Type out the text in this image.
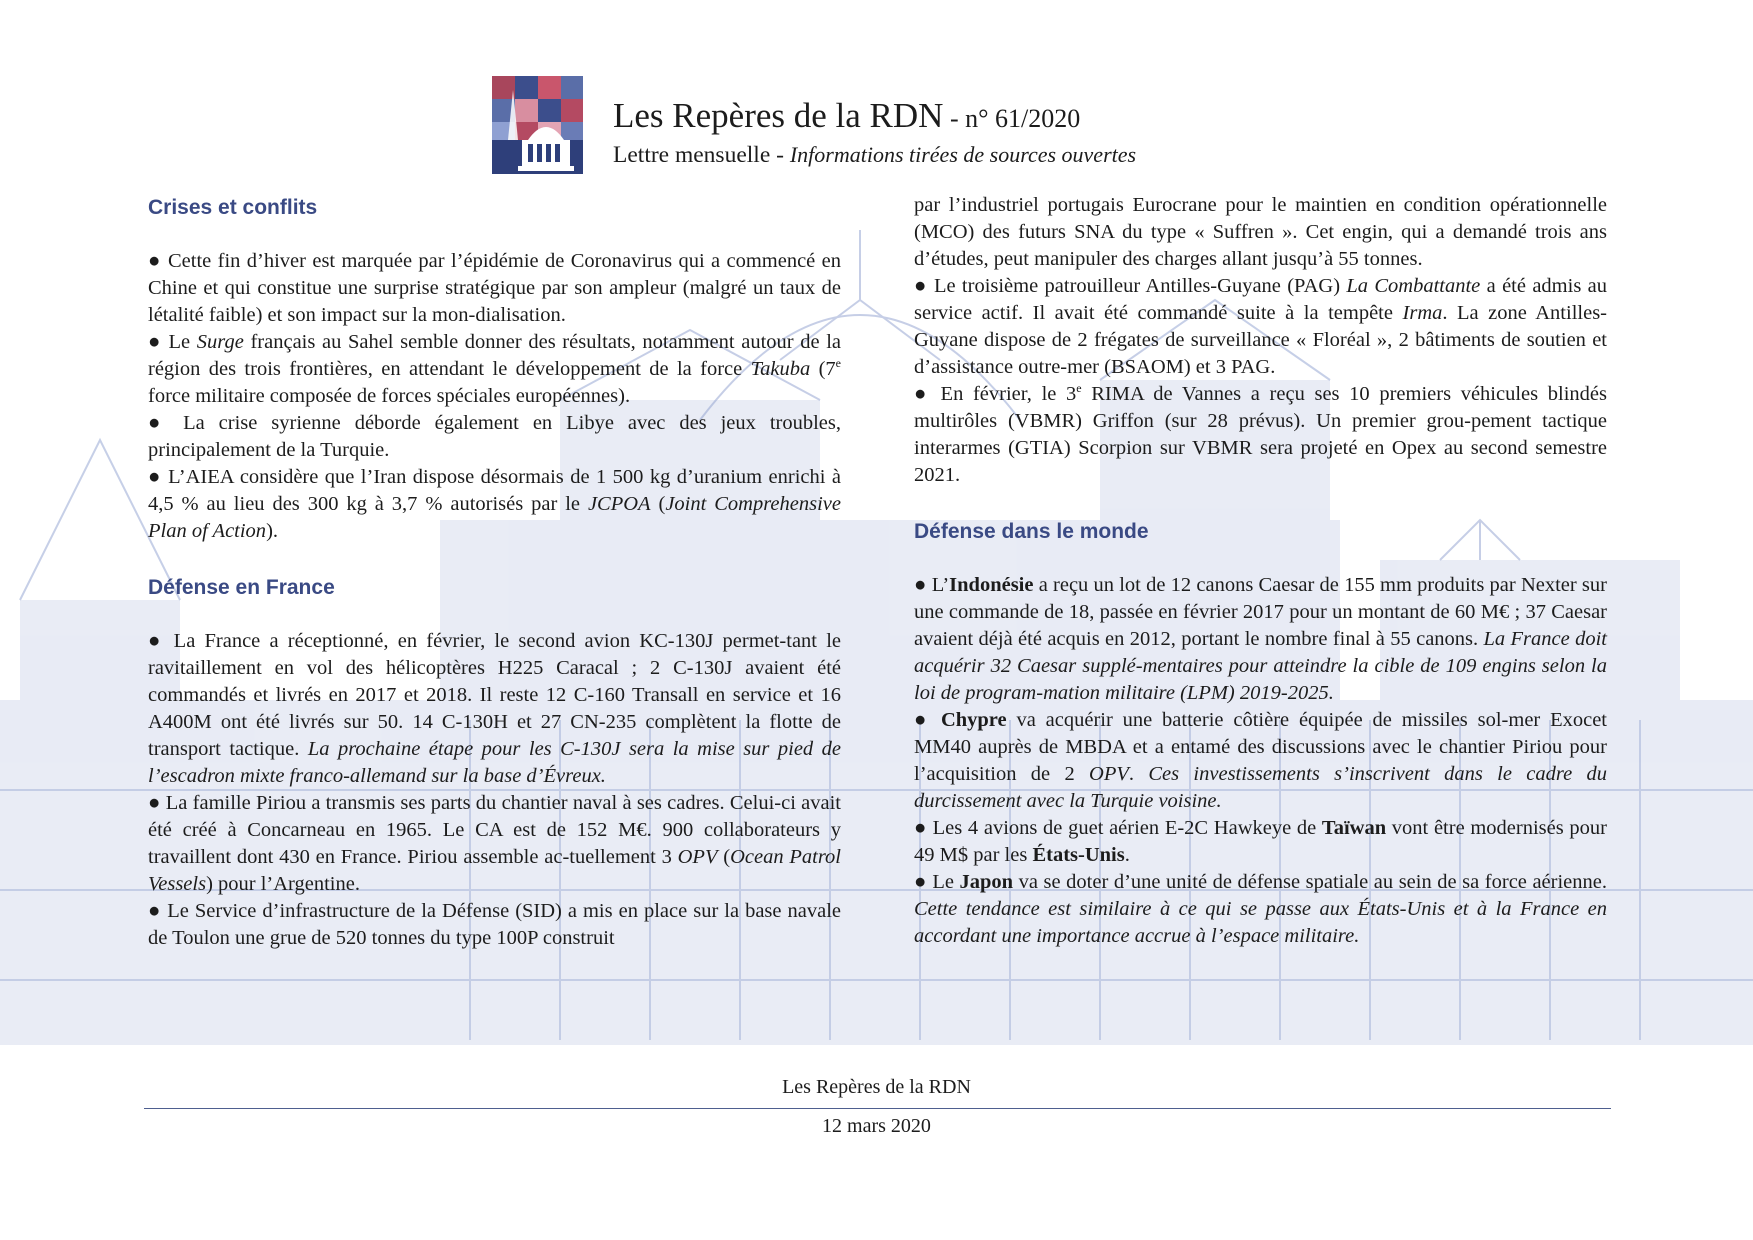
Les Repères de la RDN - n° 61/2020
Lettre mensuelle - Informations tirées de sources ouvertes
Crises et conflits

● Cette fin d’hiver est marquée par l’épidémie de Coronavirus qui a commencé en Chine et qui constitue une surprise stratégique par son ampleur (malgré un taux de létalité faible) et son impact sur la mon-dialisation.

● Le Surge français au Sahel semble donner des résultats, notamment autour de la région des trois frontières, en attendant le développement de la force Takuba (7e force militaire composée de forces spéciales européennes).

● La crise syrienne déborde également en Libye avec des jeux troubles, principalement de la Turquie.

● L’AIEA considère que l’Iran dispose désormais de 1 500 kg d’uranium enrichi à 4,5 % au lieu des 300 kg à 3,7 % autorisés par le JCPOA (Joint Comprehensive Plan of Action).

Défense en France

● La France a réceptionné, en février, le second avion KC-130J permet-tant le ravitaillement en vol des hélicoptères H225 Caracal ; 2 C-130J avaient été commandés et livrés en 2017 et 2018. Il reste 12 C-160 Transall en service et 16 A400M ont été livrés sur 50. 14 C-130H et 27 CN-235 complètent la flotte de transport tactique. La prochaine étape pour les C-130J sera la mise sur pied de l’escadron mixte franco-allemand sur la base d’Évreux.

● La famille Piriou a transmis ses parts du chantier naval à ses cadres. Celui-ci avait été créé à Concarneau en 1965. Le CA est de 152 M€. 900 collaborateurs y travaillent dont 430 en France. Piriou assemble ac-tuellement 3 OPV (Ocean Patrol Vessels) pour l’Argentine.

● Le Service d’infrastructure de la Défense (SID) a mis en place sur la base navale de Toulon une grue de 520 tonnes du type 100P construit

par l’industriel portugais Eurocrane pour le maintien en condition opérationnelle (MCO) des futurs SNA du type « Suffren ». Cet engin, qui a demandé trois ans d’études, peut manipuler des charges allant jusqu’à 55 tonnes.

● Le troisième patrouilleur Antilles-Guyane (PAG) La Combattante a été admis au service actif. Il avait été commandé suite à la tempête Irma. La zone Antilles-Guyane dispose de 2 frégates de surveillance « Floréal », 2 bâtiments de soutien et d’assistance outre-mer (BSAOM) et 3 PAG.

● En février, le 3e RIMA de Vannes a reçu ses 10 premiers véhicules blindés multirôles (VBMR) Griffon (sur 28 prévus). Un premier grou-pement tactique interarmes (GTIA) Scorpion sur VBMR sera projeté en Opex au second semestre 2021.

Défense dans le monde

● L’Indonésie a reçu un lot de 12 canons Caesar de 155 mm produits par Nexter sur une commande de 18, passée en février 2017 pour un montant de 60 M€ ; 37 Caesar avaient déjà été acquis en 2012, portant le nombre final à 55 canons. La France doit acquérir 32 Caesar supplé-mentaires pour atteindre la cible de 109 engins selon la loi de program-mation militaire (LPM) 2019-2025.

● Chypre va acquérir une batterie côtière équipée de missiles sol-mer Exocet MM40 auprès de MBDA et a entamé des discussions avec le chantier Piriou pour l’acquisition de 2 OPV. Ces investissements s’inscrivent dans le cadre du durcissement avec la Turquie voisine.

● Les 4 avions de guet aérien E-2C Hawkeye de Taïwan vont être modernisés pour 49 M$ par les États-Unis.

● Le Japon va se doter d’une unité de défense spatiale au sein de sa force aérienne. Cette tendance est similaire à ce qui se passe aux États-Unis et à la France en accordant une importance accrue à l’espace militaire.

Les Repères de la RDN
12 mars 2020
